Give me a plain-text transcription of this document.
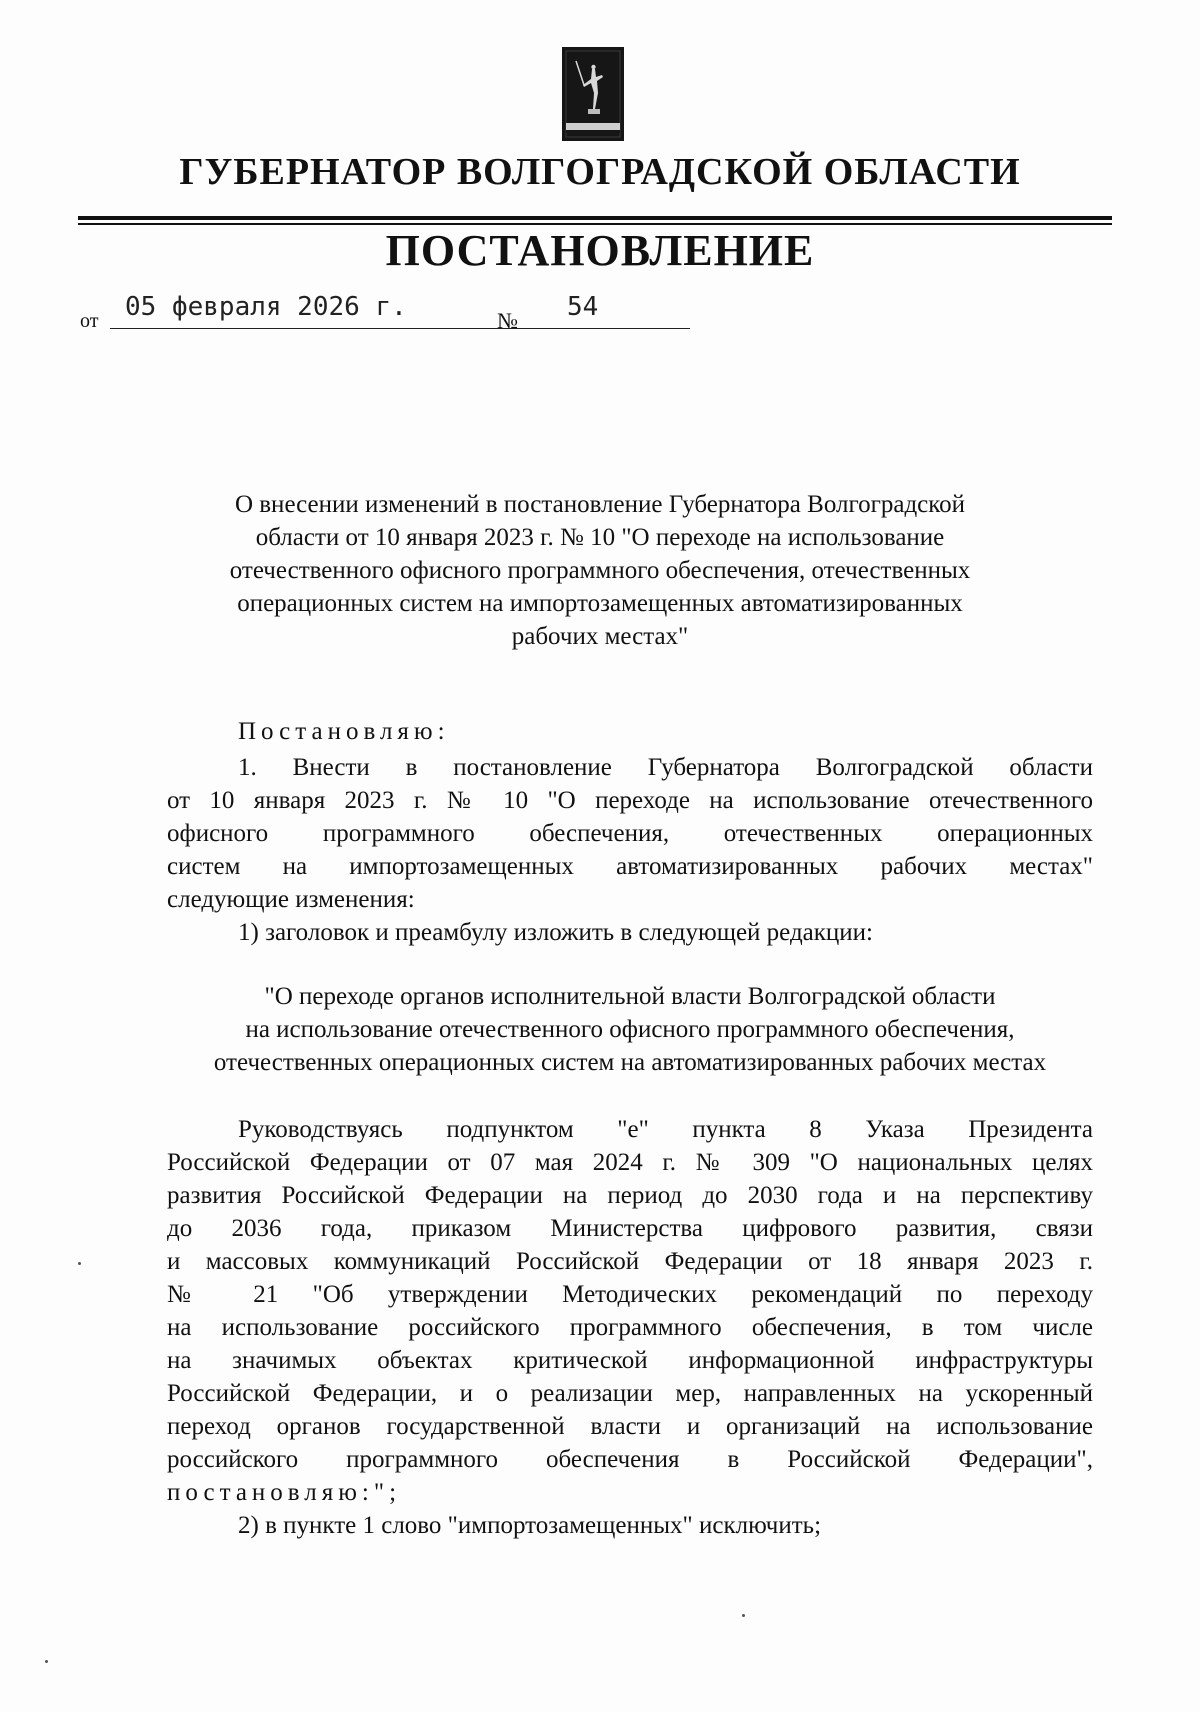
ГУБЕРНАТОР ВОЛГОГРАДСКОЙ ОБЛАСТИ
ПОСТАНОВЛЕНИЕ
от 05 февраля 2026 г.	№ 54
О внесении изменений в постановление Губернатора Волгоградской
области от 10 января 2023 г. № 10 "О переходе на использование
отечественного офисного программного обеспечения, отечественных
операционных систем на импортозамещенных автоматизированных
рабочих местах"
Постановляю:
1. Внести в постановление Губернатора Волгоградской области
от 10 января 2023 г. № 10 "О переходе на использование отечественного
офисного программного обеспечения, отечественных операционных
систем на импортозамещенных автоматизированных рабочих местах"
следующие изменения:
1) заголовок и преамбулу изложить в следующей редакции:
"О переходе органов исполнительной власти Волгоградской области
на использование отечественного офисного программного обеспечения,
отечественных операционных систем на автоматизированных рабочих местах
Руководствуясь подпунктом "е" пункта 8 Указа Президента
Российской Федерации от 07 мая 2024 г. № 309 "О национальных целях
развития Российской Федерации на период до 2030 года и на перспективу
до 2036 года, приказом Министерства цифрового развития, связи
и массовых коммуникаций Российской Федерации от 18 января 2023 г.
№ 21 "Об утверждении Методических рекомендаций по переходу
на использование российского программного обеспечения, в том числе
на значимых объектах критической информационной инфраструктуры
Российской Федерации, и о реализации мер, направленных на ускоренный
переход органов государственной власти и организаций на использование
российского программного обеспечения в Российской Федерации",
постановляю:";
2) в пункте 1 слово "импортозамещенных" исключить;
